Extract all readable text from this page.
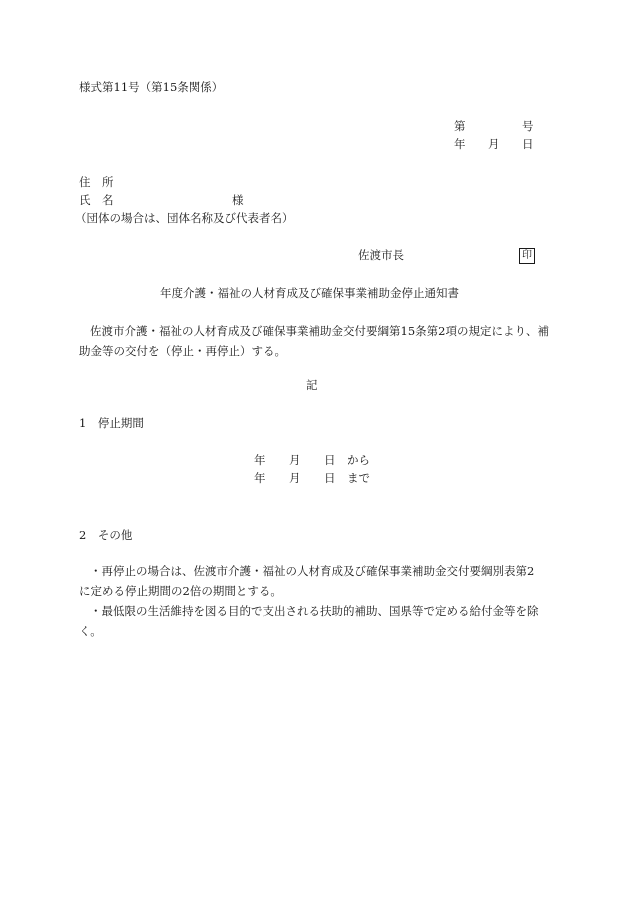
様式第11号（第15条関係）
第	号
年 月 日
住　所
氏　名	様
（団体の場合は、団体名称及び代表者名）
佐渡市長	印
年度介護・福祉の人材育成及び確保事業補助金停止通知書
佐渡市介護・福祉の人材育成及び確保事業補助金交付要綱第15条第2項の規定により、補
助金等の交付を（停止・再停止）する。
記
1　停止期間
年 月 日 から
年 月 日 まで
2　その他
・再停止の場合は、佐渡市介護・福祉の人材育成及び確保事業補助金交付要綱別表第2
に定める停止期間の2倍の期間とする。
・最低限の生活維持を図る目的で支出される扶助的補助、国県等で定める給付金等を除
く。
